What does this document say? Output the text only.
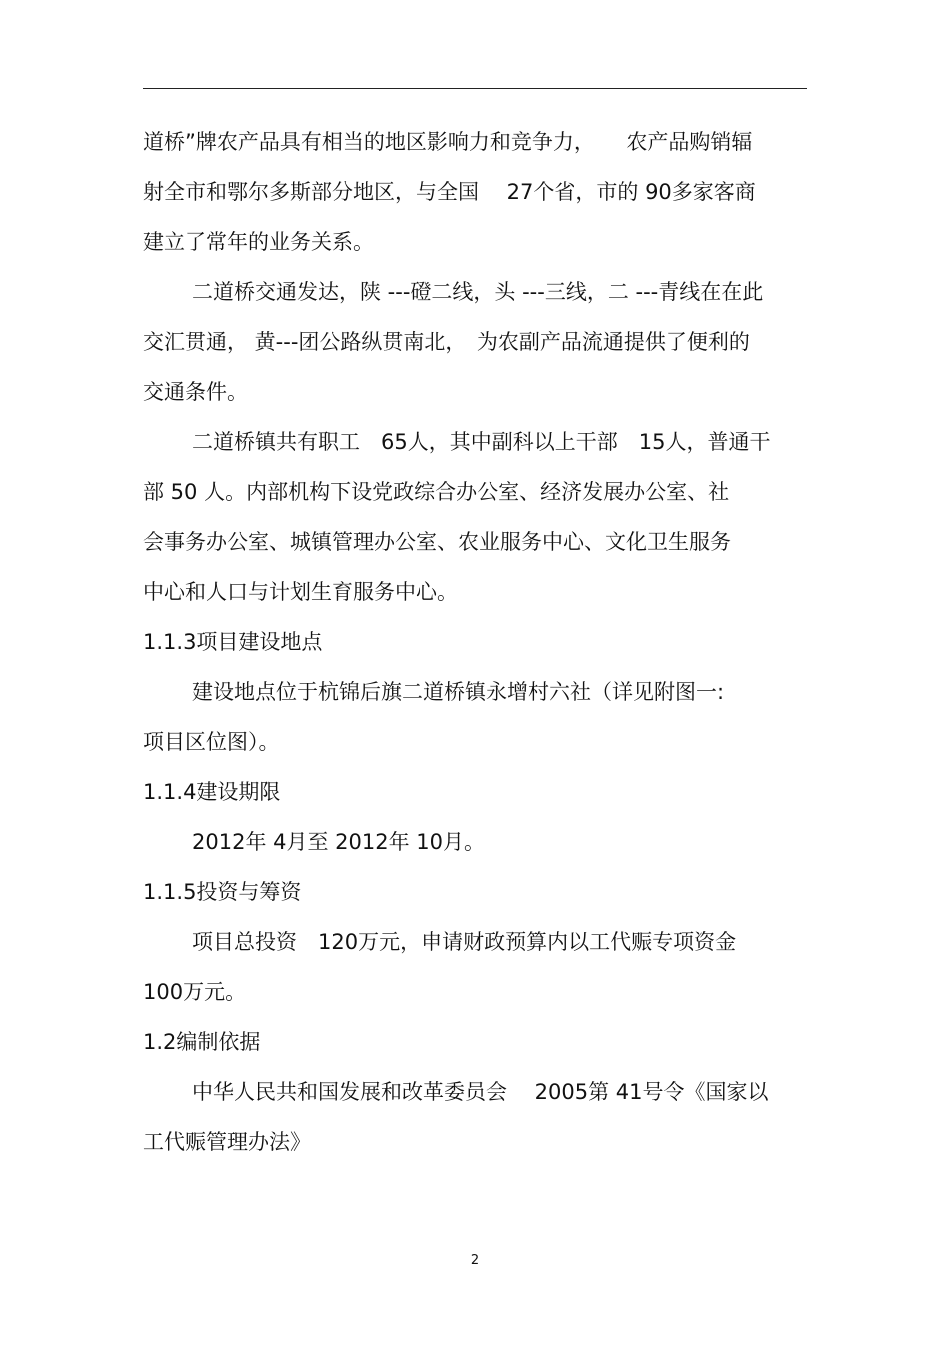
道桥”牌农产品具有相当的地区影响力和竞争力，　　农产品购销辐
射全市和鄂尔多斯部分地区，与全国　 27个省，市的 90多家客商
建立了常年的业务关系。
二道桥交通发达，陕 ---磴二线，头 ---三线，二 ---青线在在此
交汇贯通， 黄---团公路纵贯南北，　为农副产品流通提供了便利的
交通条件。
二道桥镇共有职工　65人，其中副科以上干部　15人，普通干
部 50 人。内部机构下设党政综合办公室、经济发展办公室、社
会事务办公室、城镇管理办公室、农业服务中心、文化卫生服务
中心和人口与计划生育服务中心。
1.1.3项目建设地点
建设地点位于杭锦后旗二道桥镇永增村六社（详见附图一:
项目区位图）。
1.1.4建设期限
2012年 4月至 2012年 10月。
1.1.5投资与筹资
项目总投资　120万元，申请财政预算内以工代赈专项资金
100万元。
1.2编制依据
中华人民共和国发展和改革委员会　 2005第 41号令《国家以
工代赈管理办法》
2
